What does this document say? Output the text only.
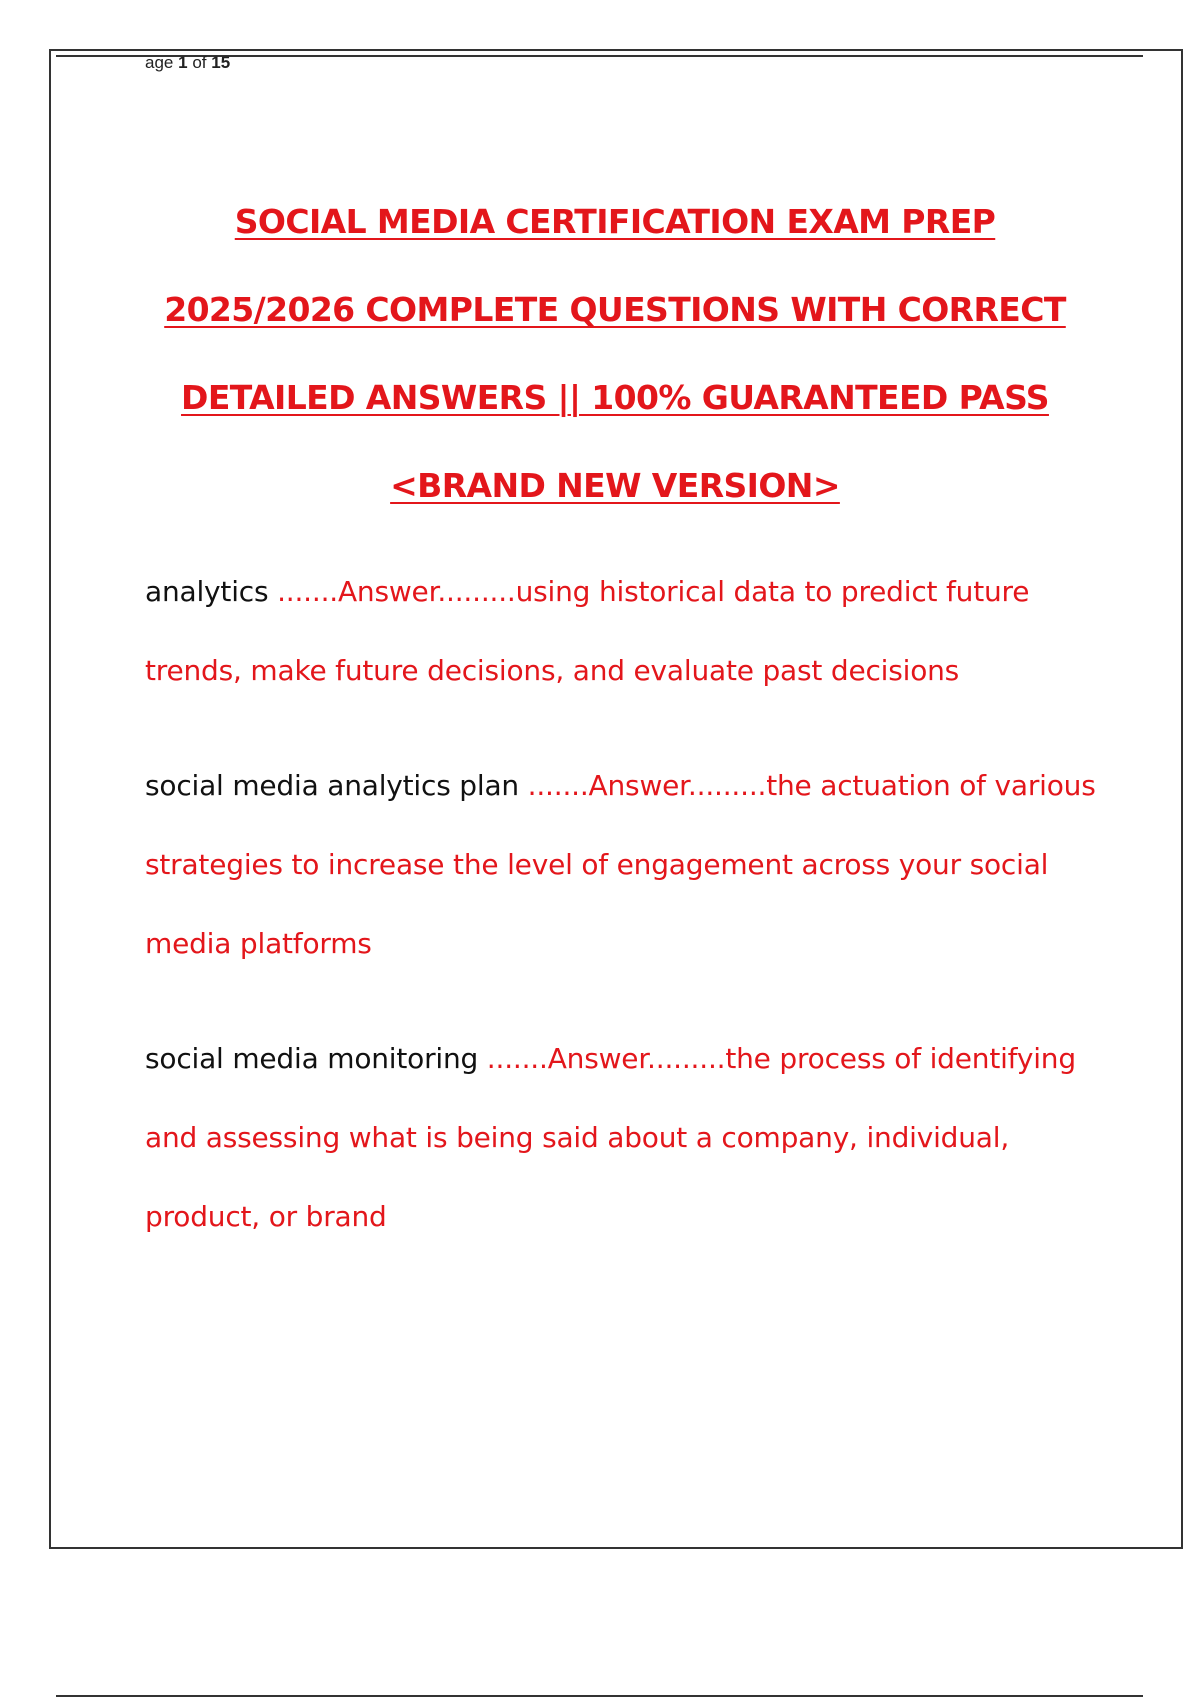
age 1 of 15
SOCIAL MEDIA CERTIFICATION EXAM PREP
2025/2026 COMPLETE QUESTIONS WITH CORRECT
DETAILED ANSWERS || 100% GUARANTEED PASS
<BRAND NEW VERSION>

analytics .......Answer.........using historical data to predict future trends, make future decisions, and evaluate past decisions

social media analytics plan .......Answer.........the actuation of various strategies to increase the level of engagement across your social media platforms

social media monitoring .......Answer.........the process of identifying and assessing what is being said about a company, individual, product, or brand
